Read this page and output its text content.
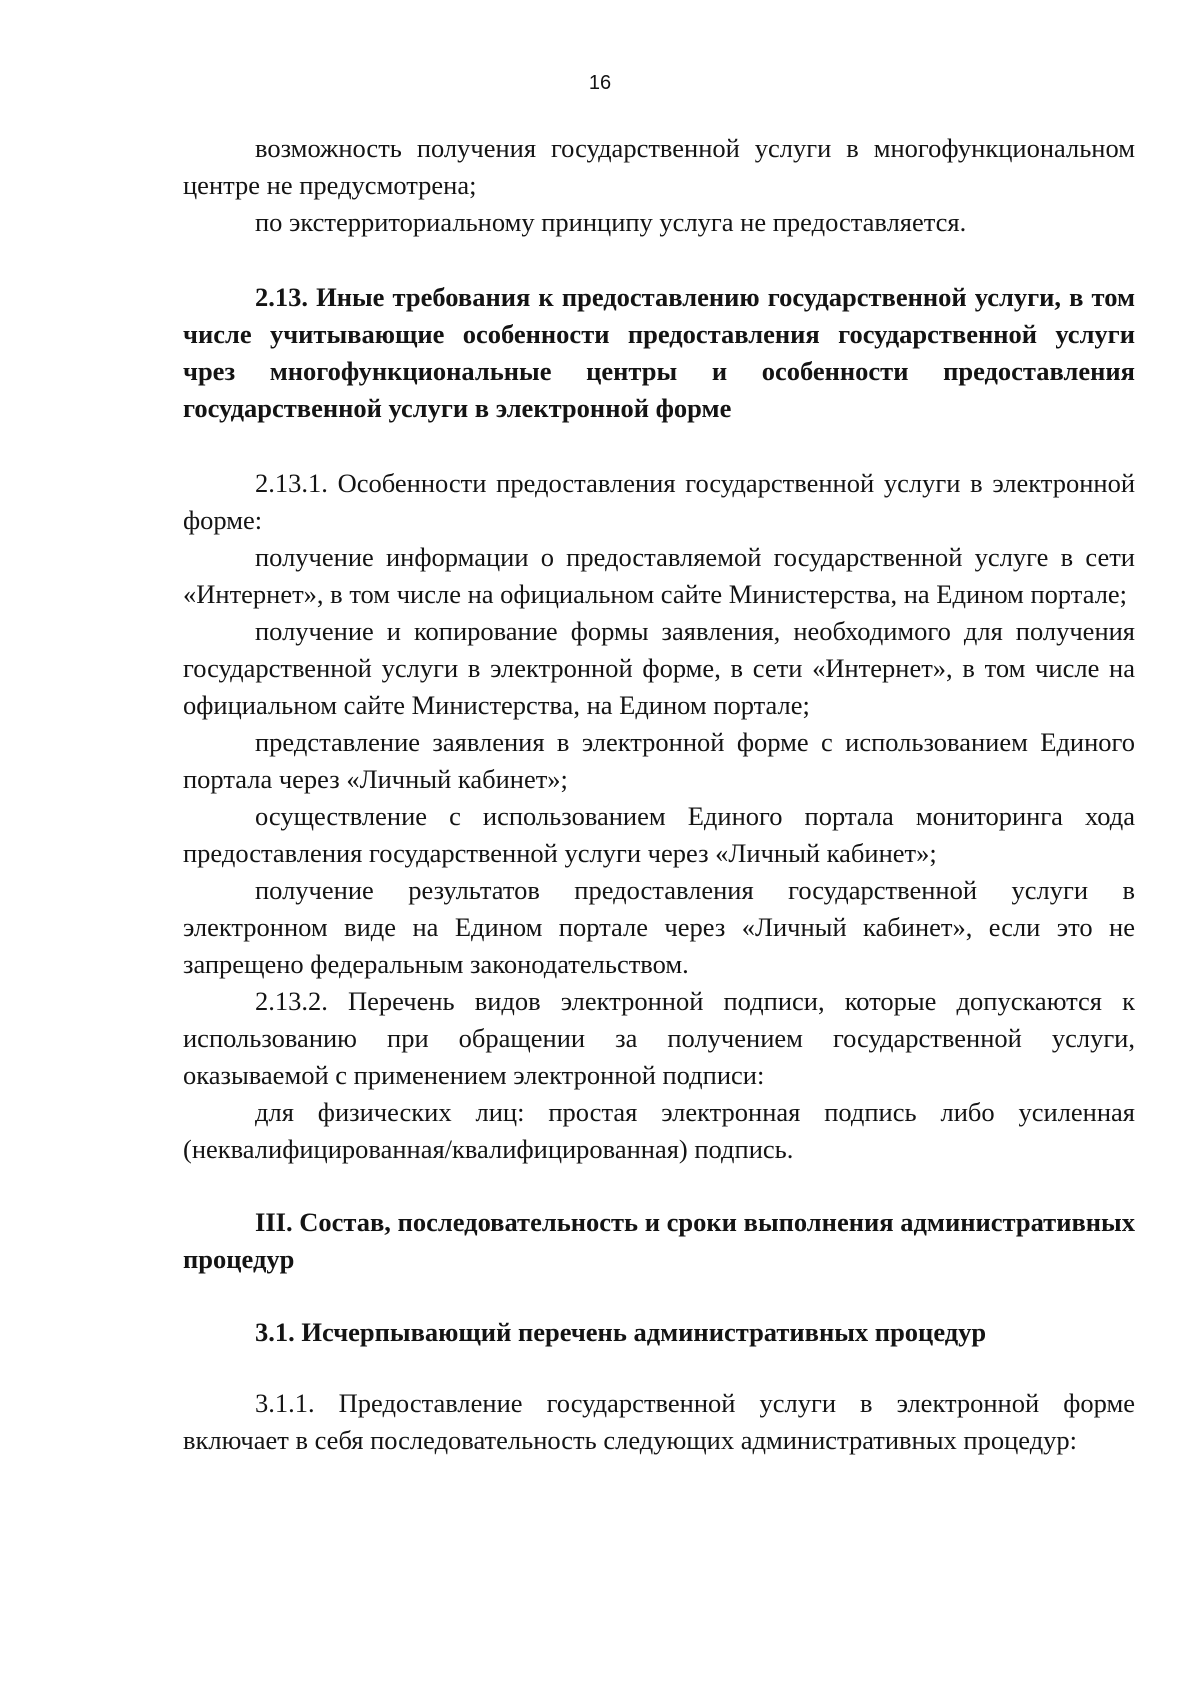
16

возможность получения государственной услуги в многофункциональном центре не предусмотрена;

по экстерриториальному принципу услуга не предоставляется.

2.13. Иные требования к предоставлению государственной услуги, в том числе учитывающие особенности предоставления государственной услуги чрез многофункциональные центры и особенности предоставления государственной услуги в электронной форме

2.13.1. Особенности предоставления государственной услуги в электронной форме:

получение информации о предоставляемой государственной услуге в сети «Интернет», в том числе на официальном сайте Министерства, на Едином портале;

получение и копирование формы заявления, необходимого для получения государственной услуги в электронной форме, в сети «Интернет», в том числе на официальном сайте Министерства, на Едином портале;

представление заявления в электронной форме с использованием Единого портала через «Личный кабинет»;

осуществление с использованием Единого портала мониторинга хода предоставления государственной услуги через «Личный кабинет»;

получение результатов предоставления государственной услуги в электронном виде на Едином портале через «Личный кабинет», если это не запрещено федеральным законодательством.

2.13.2. Перечень видов электронной подписи, которые допускаются к использованию при обращении за получением государственной услуги, оказываемой с применением электронной подписи:

для физических лиц: простая электронная подпись либо усиленная (неквалифицированная/квалифицированная) подпись.

III. Состав, последовательность и сроки выполнения административных процедур

3.1. Исчерпывающий перечень административных процедур

3.1.1. Предоставление государственной услуги в электронной форме включает в себя последовательность следующих административных процедур:
